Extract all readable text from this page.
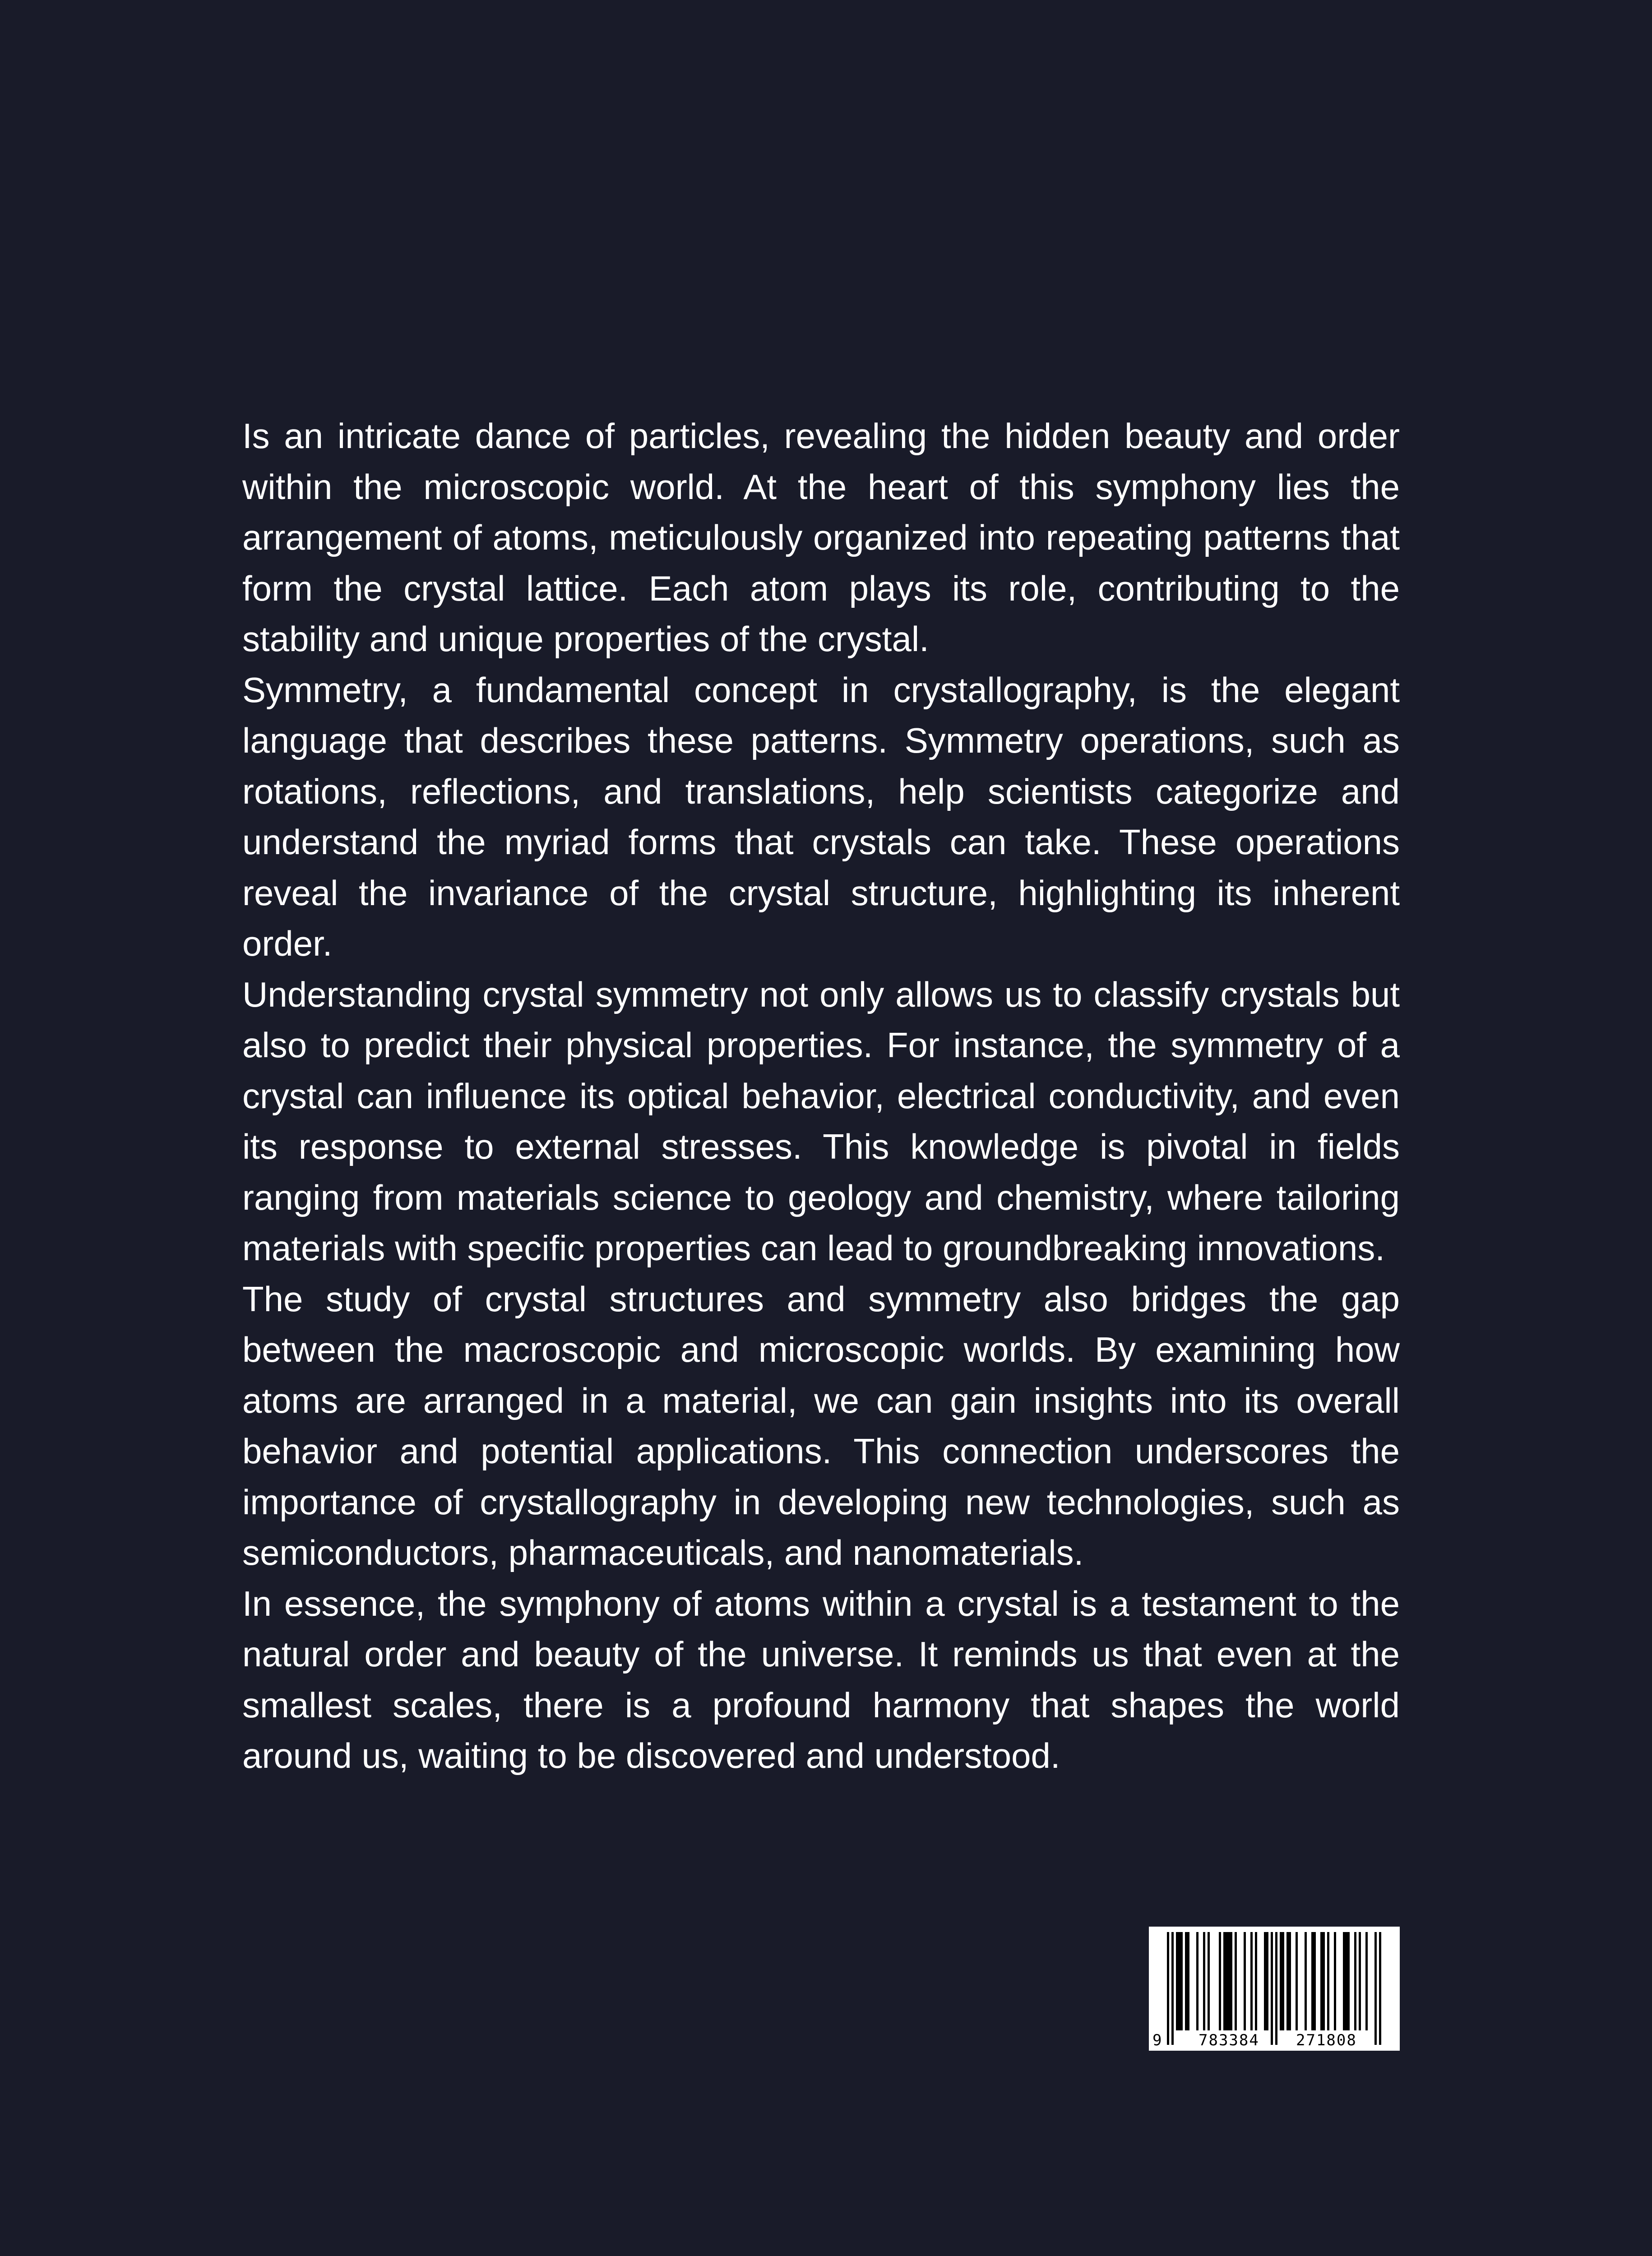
Is an intricate dance of particles, revealing the hidden beauty and order within the microscopic world. At the heart of this symphony lies the arrangement of atoms, meticulously organized into repeating patterns that form the crystal lattice. Each atom plays its role, contributing to the stability and unique properties of the crystal.

Symmetry, a fundamental concept in crystallography, is the elegant language that describes these patterns. Symmetry operations, such as rotations, reflections, and translations, help scientists categorize and understand the myriad forms that crystals can take. These operations reveal the invariance of the crystal structure, highlighting its inherent order.

Understanding crystal symmetry not only allows us to classify crystals but also to predict their physical properties. For instance, the symmetry of a crystal can influence its optical behavior, electrical conductivity, and even its response to external stresses. This knowledge is pivotal in fields ranging from materials science to geology and chemistry, where tailoring materials with specific properties can lead to groundbreaking innovations.

The study of crystal structures and symmetry also bridges the gap between the macroscopic and microscopic worlds. By examining how atoms are arranged in a material, we can gain insights into its overall behavior and potential applications. This connection underscores the importance of crystallography in developing new technologies, such as semiconductors, pharmaceuticals, and nanomaterials.

In essence, the symphony of atoms within a crystal is a testament to the natural order and beauty of the universe. It reminds us that even at the smallest scales, there is a profound harmony that shapes the world around us, waiting to be discovered and understood.

9 783384 271808
